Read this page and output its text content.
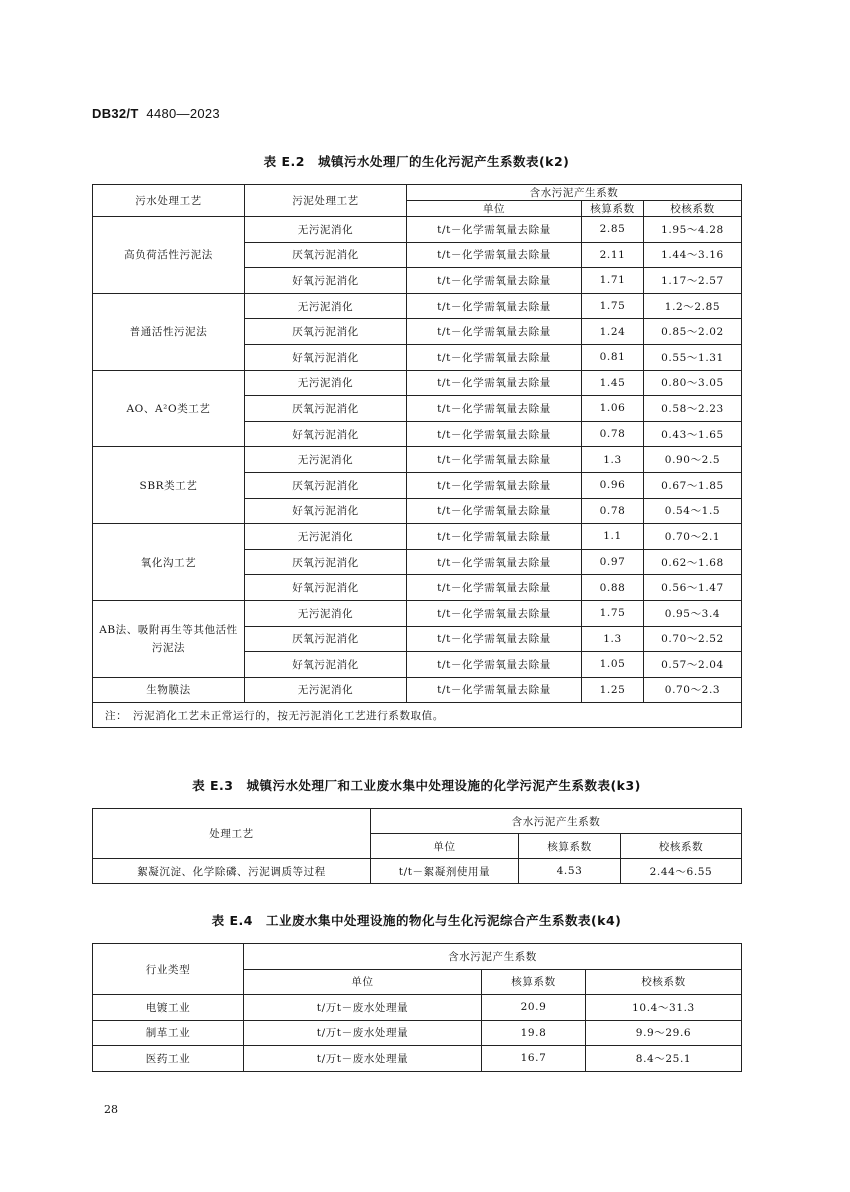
DB32/T 4480—2023
表 E.2　城镇污水处理厂的生化污泥产生系数表(k2)
污水处理工艺	污泥处理工艺	含水污泥产生系数		
		单位	核算系数	校核系数
高负荷活性污泥法	无污泥消化	t/t－化学需氧量去除量	2.85	1.95～4.28
	厌氧污泥消化	t/t－化学需氧量去除量	2.11	1.44～3.16
	好氧污泥消化	t/t－化学需氧量去除量	1.71	1.17～2.57
普通活性污泥法	无污泥消化	t/t－化学需氧量去除量	1.75	1.2～2.85
	厌氧污泥消化	t/t－化学需氧量去除量	1.24	0.85～2.02
	好氧污泥消化	t/t－化学需氧量去除量	0.81	0.55～1.31
AO、A²O类工艺	无污泥消化	t/t－化学需氧量去除量	1.45	0.80～3.05
	厌氧污泥消化	t/t－化学需氧量去除量	1.06	0.58～2.23
	好氧污泥消化	t/t－化学需氧量去除量	0.78	0.43～1.65
SBR类工艺	无污泥消化	t/t－化学需氧量去除量	1.3	0.90～2.5
	厌氧污泥消化	t/t－化学需氧量去除量	0.96	0.67～1.85
	好氧污泥消化	t/t－化学需氧量去除量	0.78	0.54～1.5
氧化沟工艺	无污泥消化	t/t－化学需氧量去除量	1.1	0.70～2.1
	厌氧污泥消化	t/t－化学需氧量去除量	0.97	0.62～1.68
	好氧污泥消化	t/t－化学需氧量去除量	0.88	0.56～1.47
AB法、吸附再生等其他活性污泥法	无污泥消化	t/t－化学需氧量去除量	1.75	0.95～3.4
	厌氧污泥消化	t/t－化学需氧量去除量	1.3	0.70～2.52
	好氧污泥消化	t/t－化学需氧量去除量	1.05	0.57～2.04
生物膜法	无污泥消化	t/t－化学需氧量去除量	1.25	0.70～2.3
注：　污泥消化工艺未正常运行的，按无污泥消化工艺进行系数取值。				
表 E.3　城镇污水处理厂和工业废水集中处理设施的化学污泥产生系数表(k3)
处理工艺	含水污泥产生系数		
	单位	核算系数	校核系数
絮凝沉淀、化学除磷、污泥调质等过程	t/t－絮凝剂使用量	4.53	2.44～6.55
表 E.4　工业废水集中处理设施的物化与生化污泥综合产生系数表(k4)
行业类型	含水污泥产生系数		
	单位	核算系数	校核系数
电镀工业	t/万t－废水处理量	20.9	10.4～31.3
制革工业	t/万t－废水处理量	19.8	9.9～29.6
医药工业	t/万t－废水处理量	16.7	8.4～25.1
28
